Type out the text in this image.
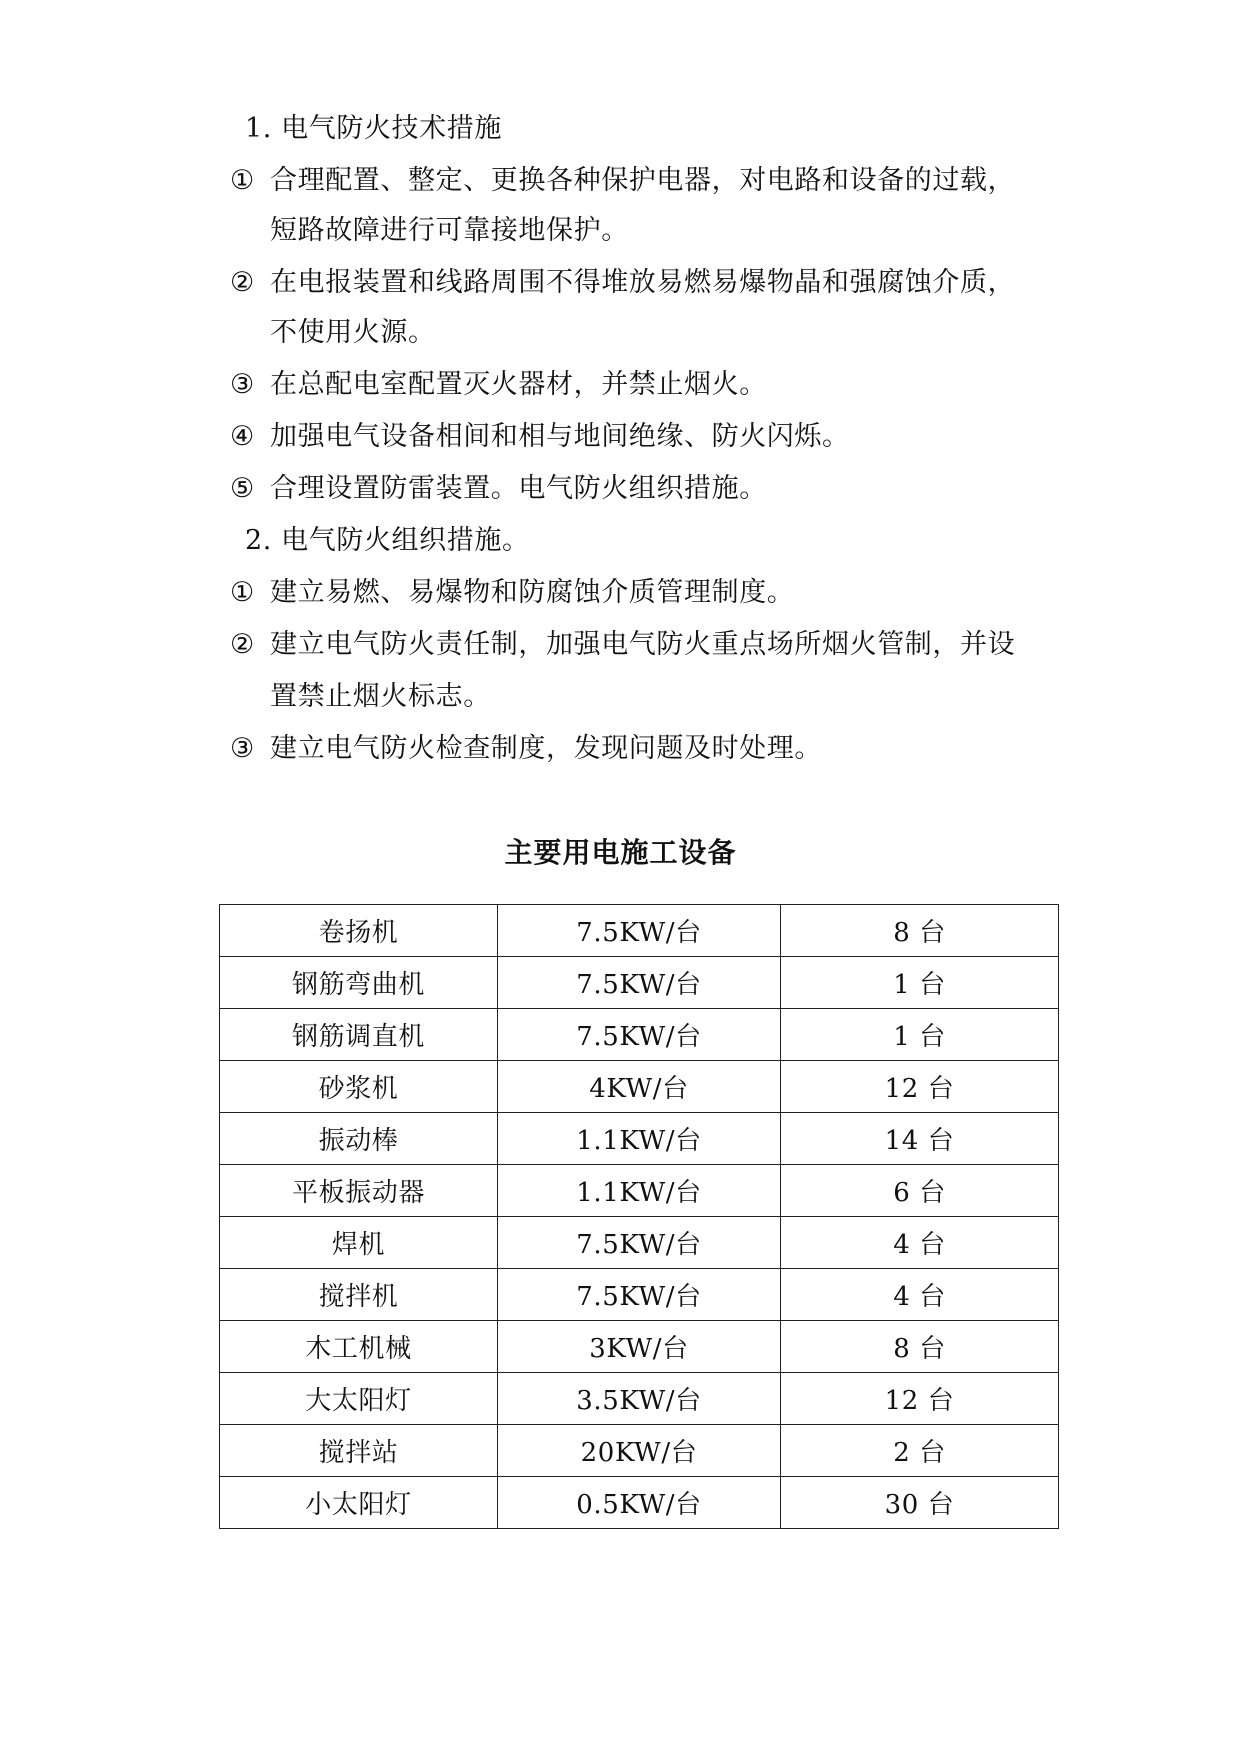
1. 电气防火技术措施
① 合理配置、整定、更换各种保护电器，对电路和设备的过载，
短路故障进行可靠接地保护。
② 在电报装置和线路周围不得堆放易燃易爆物晶和强腐蚀介质，
不使用火源。
③ 在总配电室配置灭火器材，并禁止烟火。
④ 加强电气设备相间和相与地间绝缘、防火闪烁。
⑤ 合理设置防雷装置。电气防火组织措施。
2. 电气防火组织措施。
① 建立易燃、易爆物和防腐蚀介质管理制度。
② 建立电气防火责任制，加强电气防火重点场所烟火管制，并设
置禁止烟火标志。
③ 建立电气防火检查制度，发现问题及时处理。
主要用电施工设备
卷扬机	7.5KW/台	8 台
钢筋弯曲机	7.5KW/台	1 台
钢筋调直机	7.5KW/台	1 台
砂浆机	4KW/台	12 台
振动棒	1.1KW/台	14 台
平板振动器	1.1KW/台	6 台
焊机	7.5KW/台	4 台
搅拌机	7.5KW/台	4 台
木工机械	3KW/台	8 台
大太阳灯	3.5KW/台	12 台
搅拌站	20KW/台	2 台
小太阳灯	0.5KW/台	30 台
